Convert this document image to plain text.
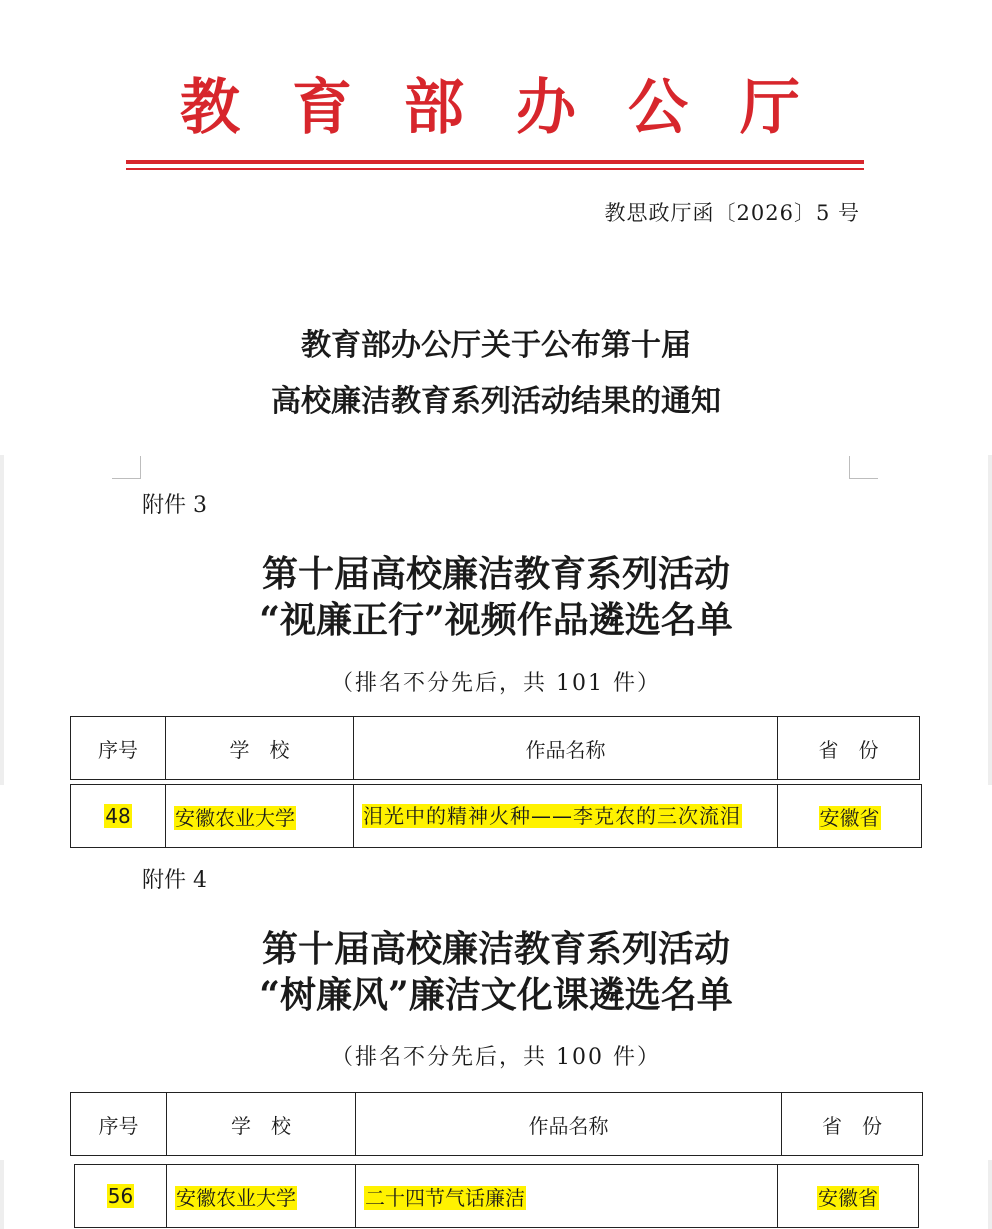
教育部办公厅
教思政厅函〔2026〕5 号
教育部办公厅关于公布第十届
高校廉洁教育系列活动结果的通知
附件 3
第十届高校廉洁教育系列活动
“视廉正行”视频作品遴选名单
（排名不分先后，共 101 件）
序号	学　校	作品名称	省　份
48	安徽农业大学	泪光中的精神火种——李克农的三次流泪	安徽省
附件 4
第十届高校廉洁教育系列活动
“树廉风”廉洁文化课遴选名单
（排名不分先后，共 100 件）
序号	学　校	作品名称	省　份
56	安徽农业大学	二十四节气话廉洁	安徽省
